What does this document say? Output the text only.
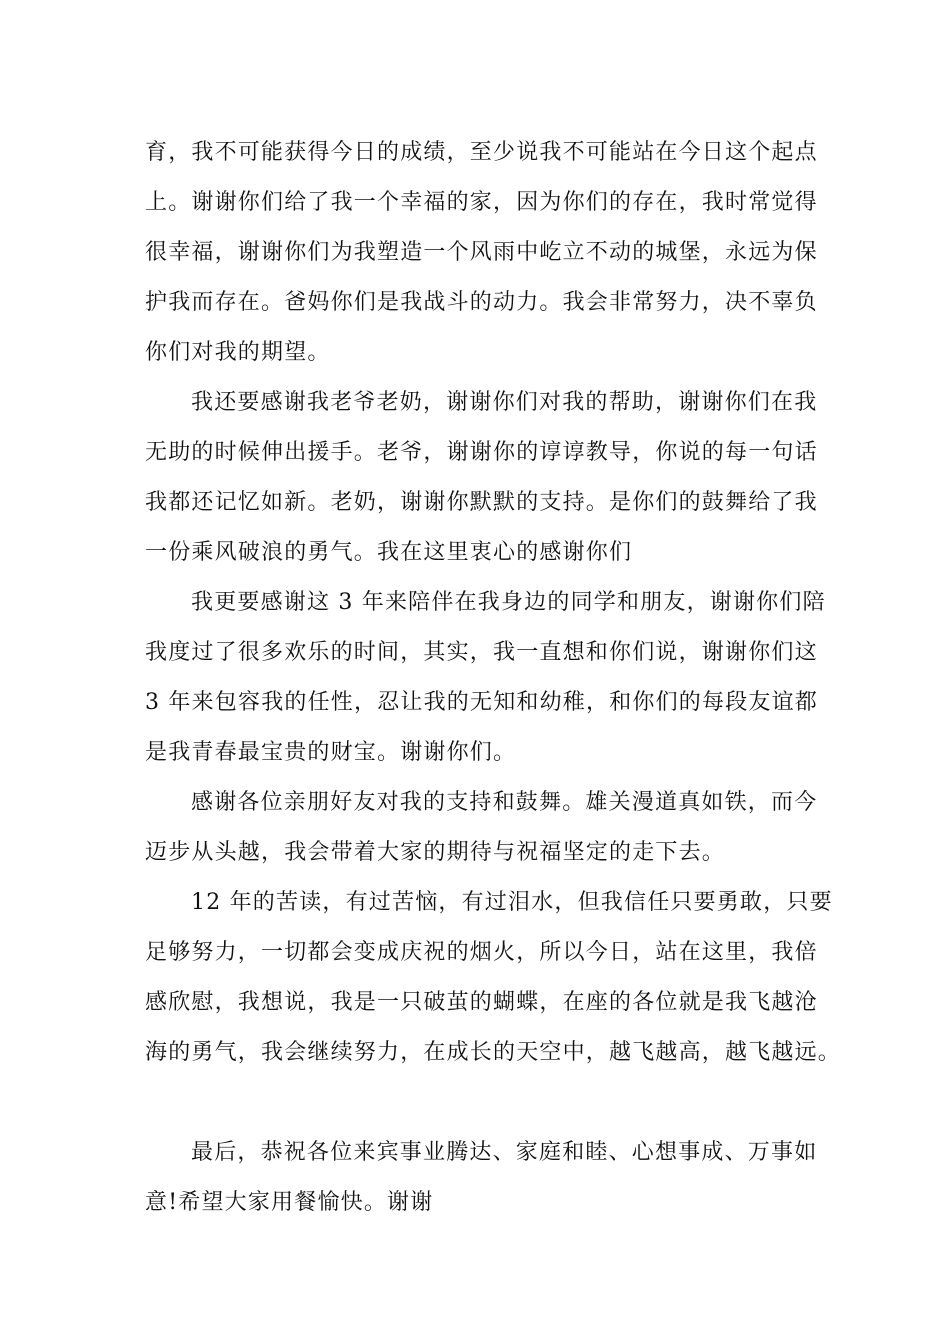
育，我不可能获得今日的成绩，至少说我不可能站在今日这个起点
上。谢谢你们给了我一个幸福的家，因为你们的存在，我时常觉得
很幸福，谢谢你们为我塑造一个风雨中屹立不动的城堡，永远为保
护我而存在。爸妈你们是我战斗的动力。我会非常努力，决不辜负
你们对我的期望。
我还要感谢我老爷老奶，谢谢你们对我的帮助，谢谢你们在我
无助的时候伸出援手。老爷，谢谢你的谆谆教导，你说的每一句话
我都还记忆如新。老奶，谢谢你默默的支持。是你们的鼓舞给了我
一份乘风破浪的勇气。我在这里衷心的感谢你们
我更要感谢这 3 年来陪伴在我身边的同学和朋友，谢谢你们陪
我度过了很多欢乐的时间，其实，我一直想和你们说，谢谢你们这
3 年来包容我的任性，忍让我的无知和幼稚，和你们的每段友谊都
是我青春最宝贵的财宝。谢谢你们。
感谢各位亲朋好友对我的支持和鼓舞。雄关漫道真如铁，而今
迈步从头越，我会带着大家的期待与祝福坚定的走下去。
12 年的苦读，有过苦恼，有过泪水，但我信任只要勇敢，只要
足够努力，一切都会变成庆祝的烟火，所以今日，站在这里，我倍
感欣慰，我想说，我是一只破茧的蝴蝶，在座的各位就是我飞越沧
海的勇气，我会继续努力，在成长的天空中，越飞越高，越飞越远。
最后，恭祝各位来宾事业腾达、家庭和睦、心想事成、万事如
意!希望大家用餐愉快。谢谢
